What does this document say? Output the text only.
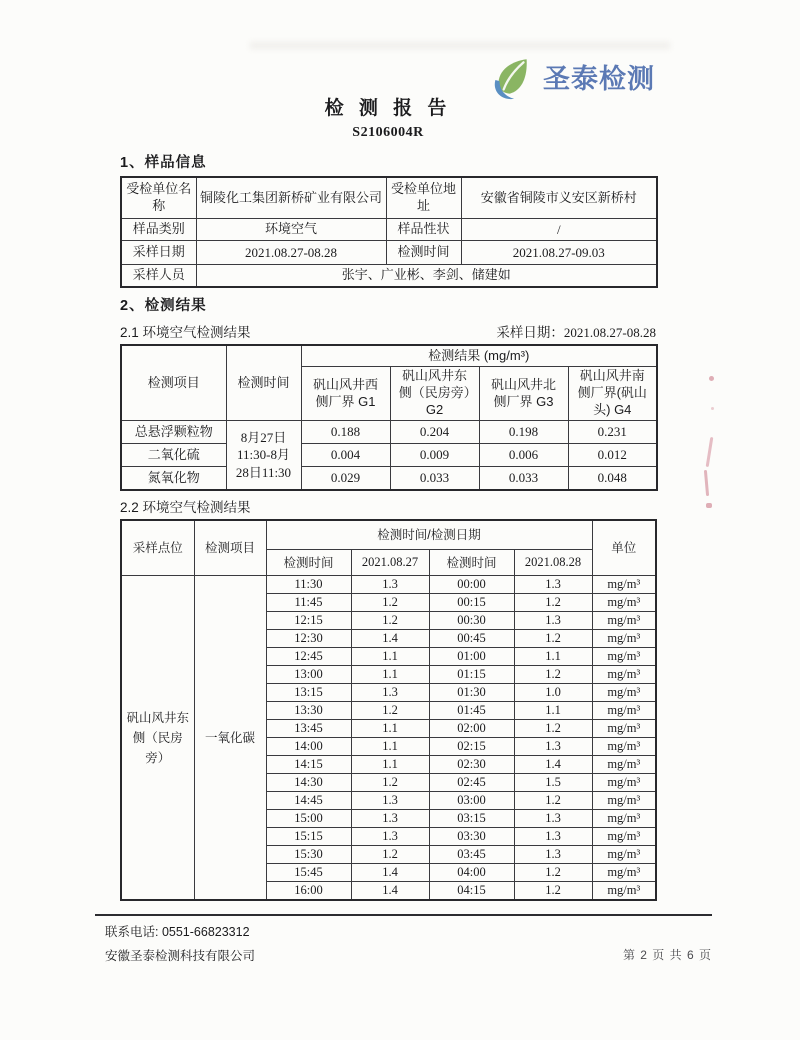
圣泰检测
检 测 报 告
S2106004R
1、样品信息
受检单位名称	铜陵化工集团新桥矿业有限公司	受检单位地址	安徽省铜陵市义安区新桥村
样品类别	环境空气	样品性状	/
采样日期	2021.08.27-08.28	检测时间	2021.08.27-09.03
采样人员	张宇、广业彬、李剑、储建如		
2、检测结果
2.1 环境空气检测结果	采样日期：2021.08.27-08.28
检测项目	检测时间	检测结果 (mg/m³)			
		矾山风井西侧厂界 G1	矾山风井东侧（民房旁）G2	矾山风井北侧厂界 G3	矾山风井南侧厂界(矾山头) G4
总悬浮颗粒物	8月27日
11:30-8月
28日11:30	0.188	0.204	0.198	0.231
二氧化硫		0.004	0.009	0.006	0.012
氮氧化物		0.029	0.033	0.033	0.048
2.2 环境空气检测结果
采样点位	检测项目	检测时间/检测日期				单位
		检测时间	2021.08.27	检测时间	2021.08.28	
矾山风井东侧（民房旁）	一氧化碳	11:30	1.3	00:00	1.3	mg/m³
		11:45	1.2	00:15	1.2	mg/m³
		12:15	1.2	00:30	1.3	mg/m³
		12:30	1.4	00:45	1.2	mg/m³
		12:45	1.1	01:00	1.1	mg/m³
		13:00	1.1	01:15	1.2	mg/m³
		13:15	1.3	01:30	1.0	mg/m³
		13:30	1.2	01:45	1.1	mg/m³
		13:45	1.1	02:00	1.2	mg/m³
		14:00	1.1	02:15	1.3	mg/m³
		14:15	1.1	02:30	1.4	mg/m³
		14:30	1.2	02:45	1.5	mg/m³
		14:45	1.3	03:00	1.2	mg/m³
		15:00	1.3	03:15	1.3	mg/m³
		15:15	1.3	03:30	1.3	mg/m³
		15:30	1.2	03:45	1.3	mg/m³
		15:45	1.4	04:00	1.2	mg/m³
		16:00	1.4	04:15	1.2	mg/m³
联系电话: 0551-66823312
安徽圣泰检测科技有限公司	第 2 页 共 6 页
